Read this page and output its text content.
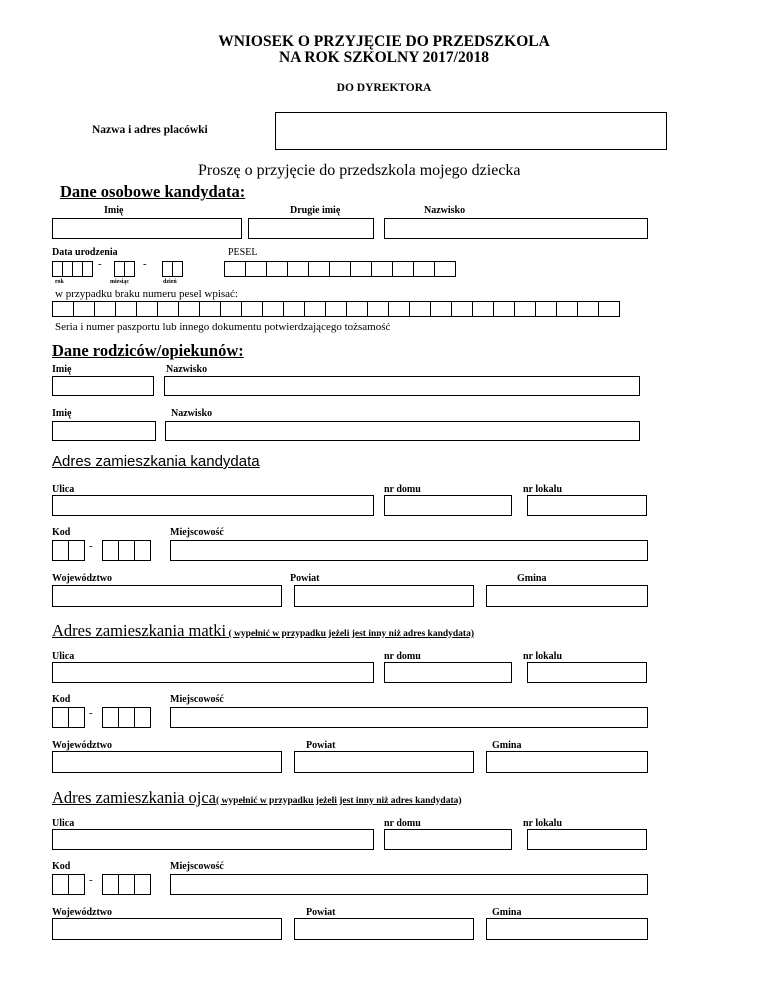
WNIOSEK O PRZYJĘCIE DO PRZEDSZKOLA
NA ROK SZKOLNY 2017/2018
DO DYREKTORA
Nazwa i adres placówki
Proszę o przyjęcie do przedszkola mojego dziecka
Dane osobowe kandydata:
Imię	Drugie imię	Nazwisko
Data urodzenia	PESEL
-	-
rok	miesiąc	dzień
w przypadku braku numeru pesel wpisać:
Seria i numer paszportu lub innego dokumentu potwierdzającego tożsamość
Dane rodziców/opiekunów:
Imię	Nazwisko
Imię	Nazwisko
Adres zamieszkania kandydata
Ulica	nr domu	nr lokalu
Kod	Miejscowość
-
Województwo	Powiat	Gmina
Adres zamieszkania matki ( wypełnić w przypadku jeżeli jest inny niż adres kandydata)
Ulica	nr domu	nr lokalu
Kod	Miejscowość
-
Województwo	Powiat	Gmina
Adres zamieszkania ojca( wypełnić w przypadku jeżeli jest inny niż adres kandydata)
Ulica	nr domu	nr lokalu
Kod	Miejscowość
-
Województwo	Powiat	Gmina
